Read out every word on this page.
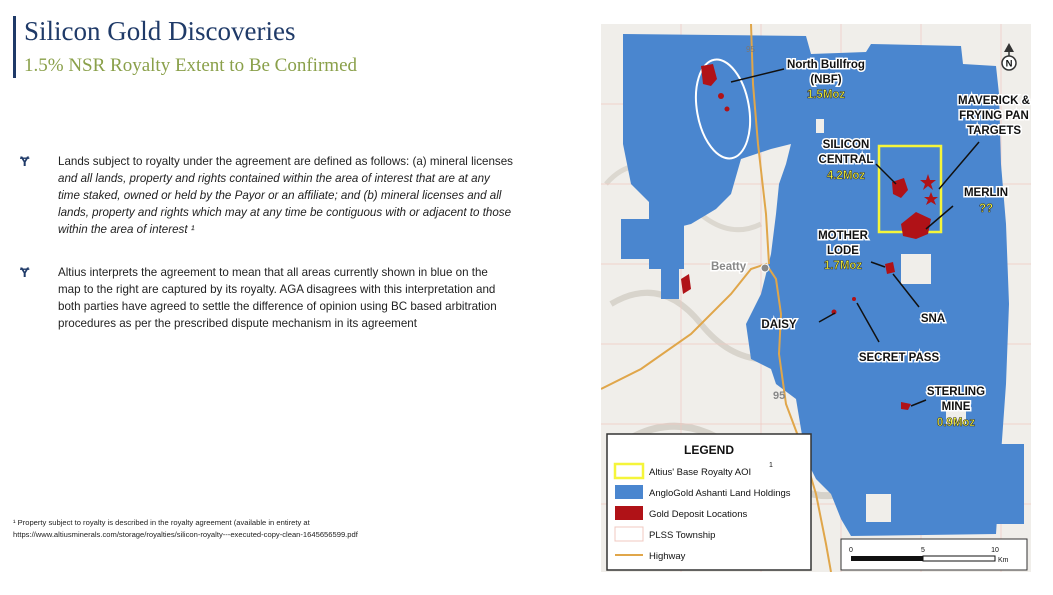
Silicon Gold Discoveries
1.5% NSR Royalty Extent to Be Confirmed
Ɏ Lands subject to royalty under the agreement are defined as follows: (a) mineral licenses
and all lands, property and rights contained within the area of interest that are at any
time staked, owned or held by the Payor or an affiliate; and (b) mineral licenses and all
lands, property and rights which may at any time be contiguous with or adjacent to those
within the area of interest ¹
Ɏ Altius interprets the agreement to mean that all areas currently shown in blue on the
map to the right are captured by its royalty. AGA disagrees with this interpretation and
both parties have agreed to settle the difference of opinion using BC based arbitration
procedures as per the prescribed dispute mechanism in its agreement
¹ Property subject to royalty is described in the royalty agreement (available in entirety at
https://www.altiusminerals.com/storage/royalties/silicon-royalty---executed-copy-clean-1645656599.pdf
N
Beatty
95
95
North Bullfrog (NBF)
1.5Moz	MAVERICK & FRYING PAN TARGETS
SILICON CENTRAL
4.2Moz
MERLIN
??
MOTHER LODE
1.7Moz
SNA
DAISY
SECRET PASS
STERLING MINE
0.9Moz
LEGEND
1
Altius' Base Royalty AOI
AngloGold Ashanti Land Holdings
Gold Deposit Locations
PLSS Township
Highway
0	5	10
Km
